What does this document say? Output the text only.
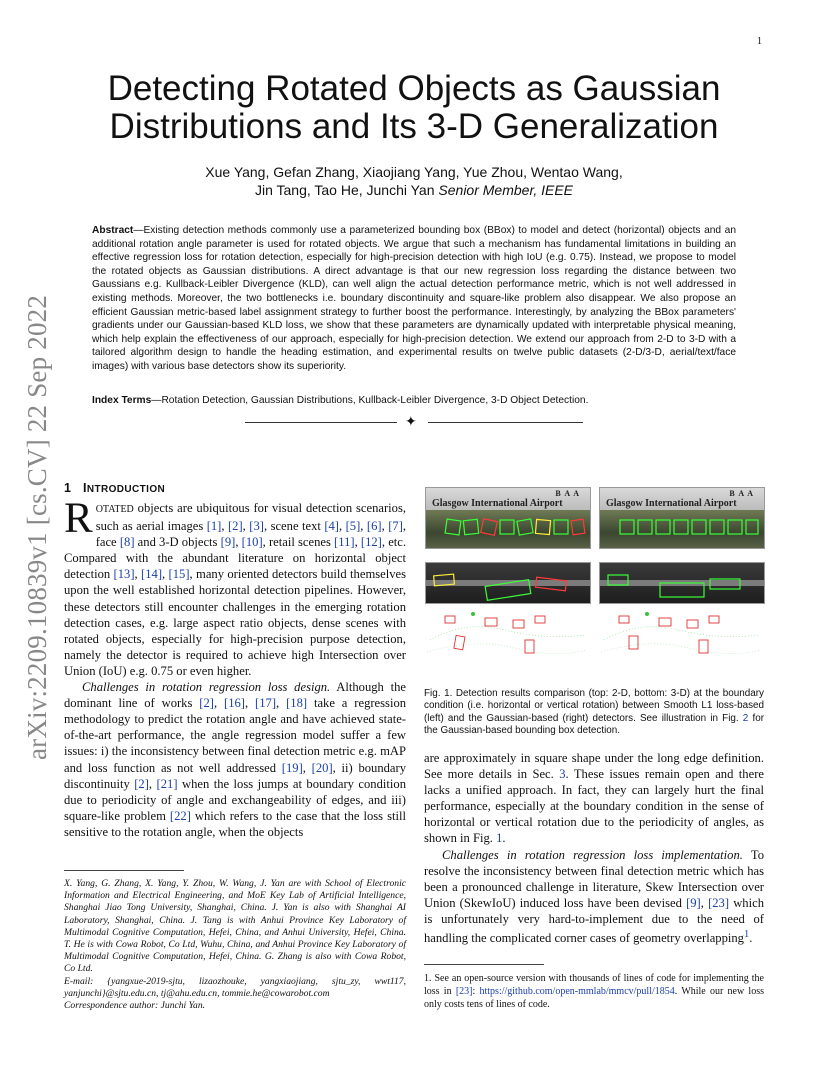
1
arXiv:2209.10839v1 [cs.CV] 22 Sep 2022
Detecting Rotated Objects as Gaussian
Distributions and Its 3-D Generalization
Xue Yang, Gefan Zhang, Xiaojiang Yang, Yue Zhou, Wentao Wang,
Jin Tang, Tao He, Junchi Yan Senior Member, IEEE
Abstract—Existing detection methods commonly use a parameterized bounding box (BBox) to model and detect (horizontal) objects and an additional rotation angle parameter is used for rotated objects. We argue that such a mechanism has fundamental limitations in building an effective regression loss for rotation detection, especially for high-precision detection with high IoU (e.g. 0.75). Instead, we propose to model the rotated objects as Gaussian distributions. A direct advantage is that our new regression loss regarding the distance between two Gaussians e.g. Kullback-Leibler Divergence (KLD), can well align the actual detection performance metric, which is not well addressed in existing methods. Moreover, the two bottlenecks i.e. boundary discontinuity and square-like problem also disappear. We also propose an efficient Gaussian metric-based label assignment strategy to further boost the performance. Interestingly, by analyzing the BBox parameters' gradients under our Gaussian-based KLD loss, we show that these parameters are dynamically updated with interpretable physical meaning, which help explain the effectiveness of our approach, especially for high-precision detection. We extend our approach from 2-D to 3-D with a tailored algorithm design to handle the heading estimation, and experimental results on twelve public datasets (2-D/3-D, aerial/text/face images) with various base detectors show its superiority.
Index Terms—Rotation Detection, Gaussian Distributions, Kullback-Leibler Divergence, 3-D Object Detection.
✦
1 INTRODUCTION

ROTATED objects are ubiquitous for visual detection scenarios, such as aerial images [1], [2], [3], scene text [4], [5], [6], [7], face [8] and 3-D objects [9], [10], retail scenes [11], [12], etc. Compared with the abundant literature on horizontal object detection [13], [14], [15], many oriented detectors build themselves upon the well established horizontal detection pipelines. However, these detectors still encounter challenges in the emerging rotation detection cases, e.g. large aspect ratio objects, dense scenes with rotated objects, especially for high-precision purpose detection, namely the detector is required to achieve high Intersection over Union (IoU) e.g. 0.75 or even higher.

Challenges in rotation regression loss design. Although the dominant line of works [2], [16], [17], [18] take a regression methodology to predict the rotation angle and have achieved state-of-the-art performance, the angle regression model suffer a few issues: i) the inconsistency between final detection metric e.g. mAP and loss function as not well addressed [19], [20], ii) boundary discontinuity [2], [21] when the loss jumps at boundary condition due to periodicity of angle and exchangeability of edges, and iii) square-like problem [22] which refers to the case that the loss still sensitive to the rotation angle, when the objects

X. Yang, G. Zhang, X. Yang, Y. Zhou, W. Wang, J. Yan are with School of Electronic Information and Electrical Engineering, and MoE Key Lab of Artificial Intelligence, Shanghai Jiao Tong University, Shanghai, China. J. Yan is also with Shanghai AI Laboratory, Shanghai, China. J. Tang is with Anhui Province Key Laboratory of Multimodal Cognitive Computation, Hefei, China, and Anhui University, Hefei, China. T. He is with Cowa Robot, Co Ltd, Wuhu, China, and Anhui Province Key Laboratory of Multimodal Cognitive Computation, Hefei, China. G. Zhang is also with Cowa Robot, Co Ltd.

E-mail: {yangxue-2019-sjtu, lizaozhouke, yangxiaojiang, sjtu_zy, wwt117, yanjunchi}@sjtu.edu.cn, tj@ahu.edu.cn, tommie.he@cowarobot.com

Correspondence author: Junchi Yan.

B A A
Glasgow International Airport
B A A
Glasgow International Airport
Fig. 1. Detection results comparison (top: 2-D, bottom: 3-D) at the boundary condition (i.e. horizontal or vertical rotation) between Smooth L1 loss-based (left) and the Gaussian-based (right) detectors. See illustration in Fig. 2 for the Gaussian-based bounding box detection.

are approximately in square shape under the long edge definition. See more details in Sec. 3. These issues remain open and there lacks a unified approach. In fact, they can largely hurt the final performance, especially at the boundary condition in the sense of horizontal or vertical rotation due to the periodicity of angles, as shown in Fig. 1.

Challenges in rotation regression loss implementation. To resolve the inconsistency between final detection metric which has been a pronounced challenge in literature, Skew Intersection over Union (SkewIoU) induced loss have been devised [9], [23] which is unfortunately very hard-to-implement due to the need of handling the complicated corner cases of geometry overlapping$^1$.

1. See an open-source version with thousands of lines of code for implementing the loss in [23]: https://github.com/open-mmlab/mmcv/pull/1854. While our new loss only costs tens of lines of code.
